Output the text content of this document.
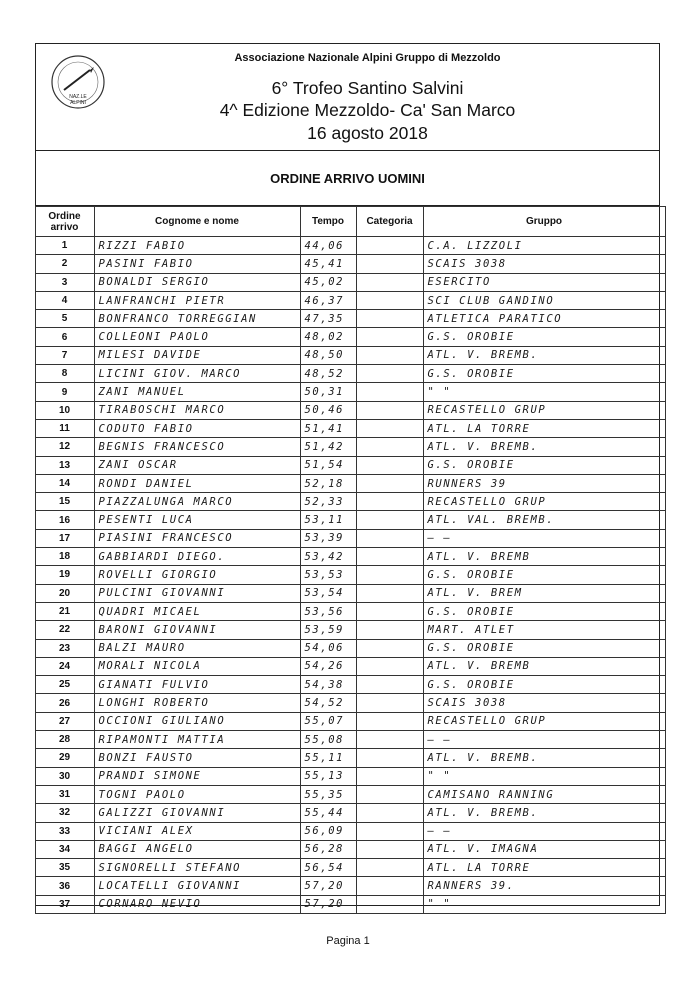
NAZ.LE
ALPINI
Associazione Nazionale Alpini Gruppo di Mezzoldo
6° Trofeo Santino Salvini
4^ Edizione Mezzoldo- Ca' San Marco
16 agosto 2018
ORDINE ARRIVO UOMINI
Ordine arrivo	Cognome e nome	Tempo	Categoria	Gruppo
1	RIZZI FABIO	44,06		C.A. LIZZOLI
2	PASINI FABIO	45,41		SCAIS 3038
3	BONALDI SERGIO	45,02		ESERCITO
4	LANFRANCHI PIETR	46,37		SCI CLUB GANDINO
5	BONFRANCO TORREGGIAN	47,35		ATLETICA PARATICO
6	COLLEONI PAOLO	48,02		G.S. OROBIE
7	MILESI DAVIDE	48,50		ATL. V. BREMB.
8	LICINI GIOV. MARCO	48,52		G.S. OROBIE
9	ZANI MANUEL	50,31		" "
10	TIRABOSCHI MARCO	50,46		RECASTELLO GRUP
11	CODUTO FABIO	51,41		ATL. LA TORRE
12	BEGNIS FRANCESCO	51,42		ATL. V. BREMB.
13	ZANI OSCAR	51,54		G.S. OROBIE
14	RONDI DANIEL	52,18		RUNNERS 39
15	PIAZZALUNGA MARCO	52,33		RECASTELLO GRUP
16	PESENTI LUCA	53,11		ATL. VAL. BREMB.
17	PIASINI FRANCESCO	53,39		— —
18	GABBIARDI DIEGO.	53,42		ATL. V. BREMB
19	ROVELLI GIORGIO	53,53		G.S. OROBIE
20	PULCINI GIOVANNI	53,54		ATL. V. BREM
21	QUADRI MICAEL	53,56		G.S. OROBIE
22	BARONI GIOVANNI	53,59		MART. ATLET
23	BALZI MAURO	54,06		G.S. OROBIE
24	MORALI NICOLA	54,26		ATL. V. BREMB
25	GIANATI FULVIO	54,38		G.S. OROBIE
26	LONGHI ROBERTO	54,52		SCAIS 3038
27	OCCIONI GIULIANO	55,07		RECASTELLO GRUP
28	RIPAMONTI MATTIA	55,08		— —
29	BONZI FAUSTO	55,11		ATL. V. BREMB.
30	PRANDI SIMONE	55,13		" "
31	TOGNI PAOLO	55,35		CAMISANO RANNING
32	GALIZZI GIOVANNI	55,44		ATL. V. BREMB.
33	VICIANI ALEX	56,09		— —
34	BAGGI ANGELO	56,28		ATL. V. IMAGNA
35	SIGNORELLI STEFANO	56,54		ATL. LA TORRE
36	LOCATELLI GIOVANNI	57,20		RANNERS 39.
37	CORNARO NEVIO	57,20		" "
Pagina 1
